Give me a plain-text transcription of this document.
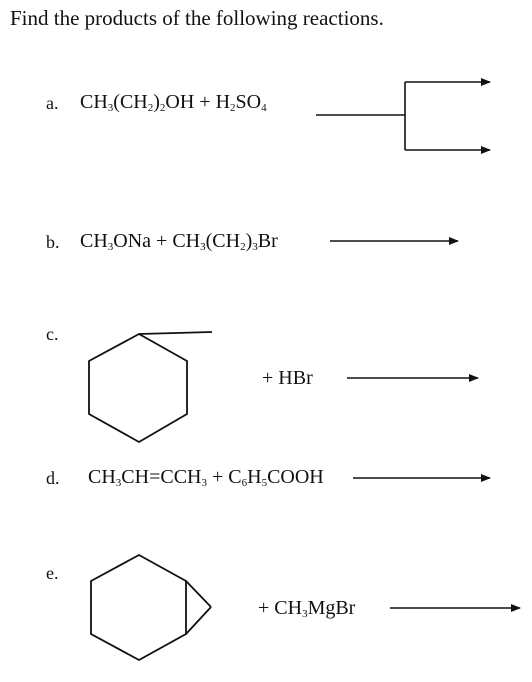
Find the products of the following reactions.
a. $CH_3(CH_2)_2OH + H_2SO_4$
b. $CH_3ONa + CH_3(CH_2)_3Br$
c.
+ HBr
d. $CH_3CH=CCH_3$ + $C_6H_5COOH$
e.
+ $CH_3MgBr$
